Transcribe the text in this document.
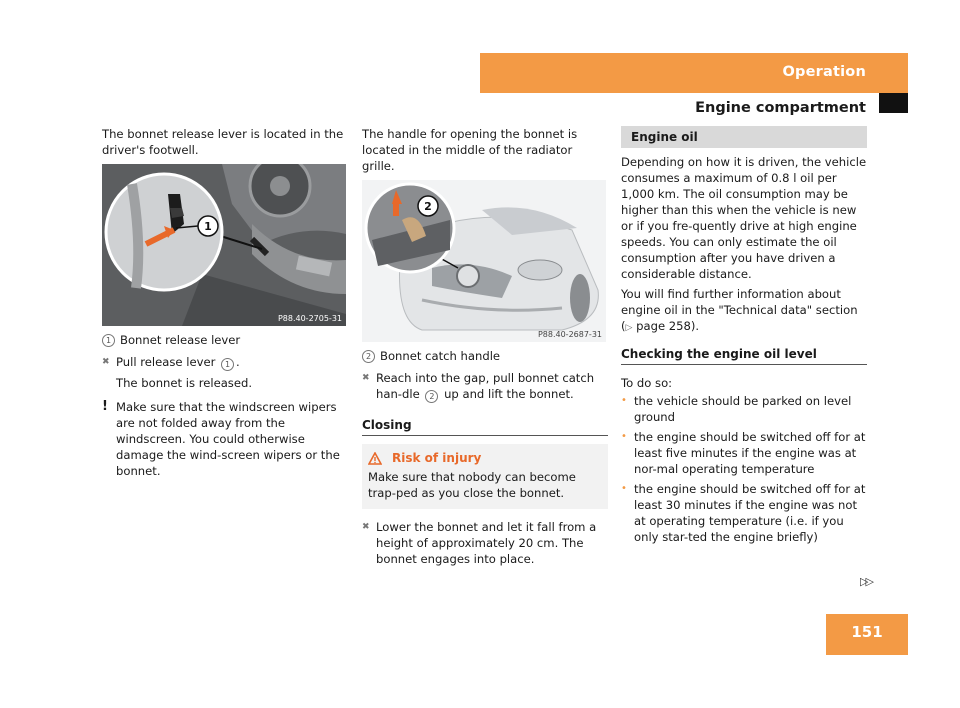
Operation
Engine compartment

The bonnet release lever is located in the driver's footwell.

1
P88.40-2705-31
1 Bonnet release lever
✖ Pull release lever 1 .

The bonnet is released.

! Make sure that the windscreen wipers are not folded away from the windscreen. You could otherwise damage the wind-screen wipers or the bonnet.

The handle for opening the bonnet is located in the middle of the radiator grille.

2
P88.40-2687-31
2 Bonnet catch handle
✖ Reach into the gap, pull bonnet catch han-dle 2 up and lift the bonnet.
Closing
Risk of injury

Make sure that nobody can become trap-ped as you close the bonnet.

✖ Lower the bonnet and let it fall from a height of approximately 20 cm. The bonnet engages into place.
Engine oil

Depending on how it is driven, the vehicle consumes a maximum of 0.8 l oil per 1,000 km. The oil consumption may be higher than this when the vehicle is new or if you fre-quently drive at high engine speeds. You can only estimate the oil consumption after you have driven a considerable distance.

You will find further information about engine oil in the "Technical data" section

(▷ page 258).

Checking the engine oil level

To do so:

• the vehicle should be parked on level ground
• the engine should be switched off for at least five minutes if the engine was at nor-mal operating temperature
• the engine should be switched off for at least 30 minutes if the engine was not at operating temperature (i.e. if you only star-ted the engine briefly)
▷▷
151
